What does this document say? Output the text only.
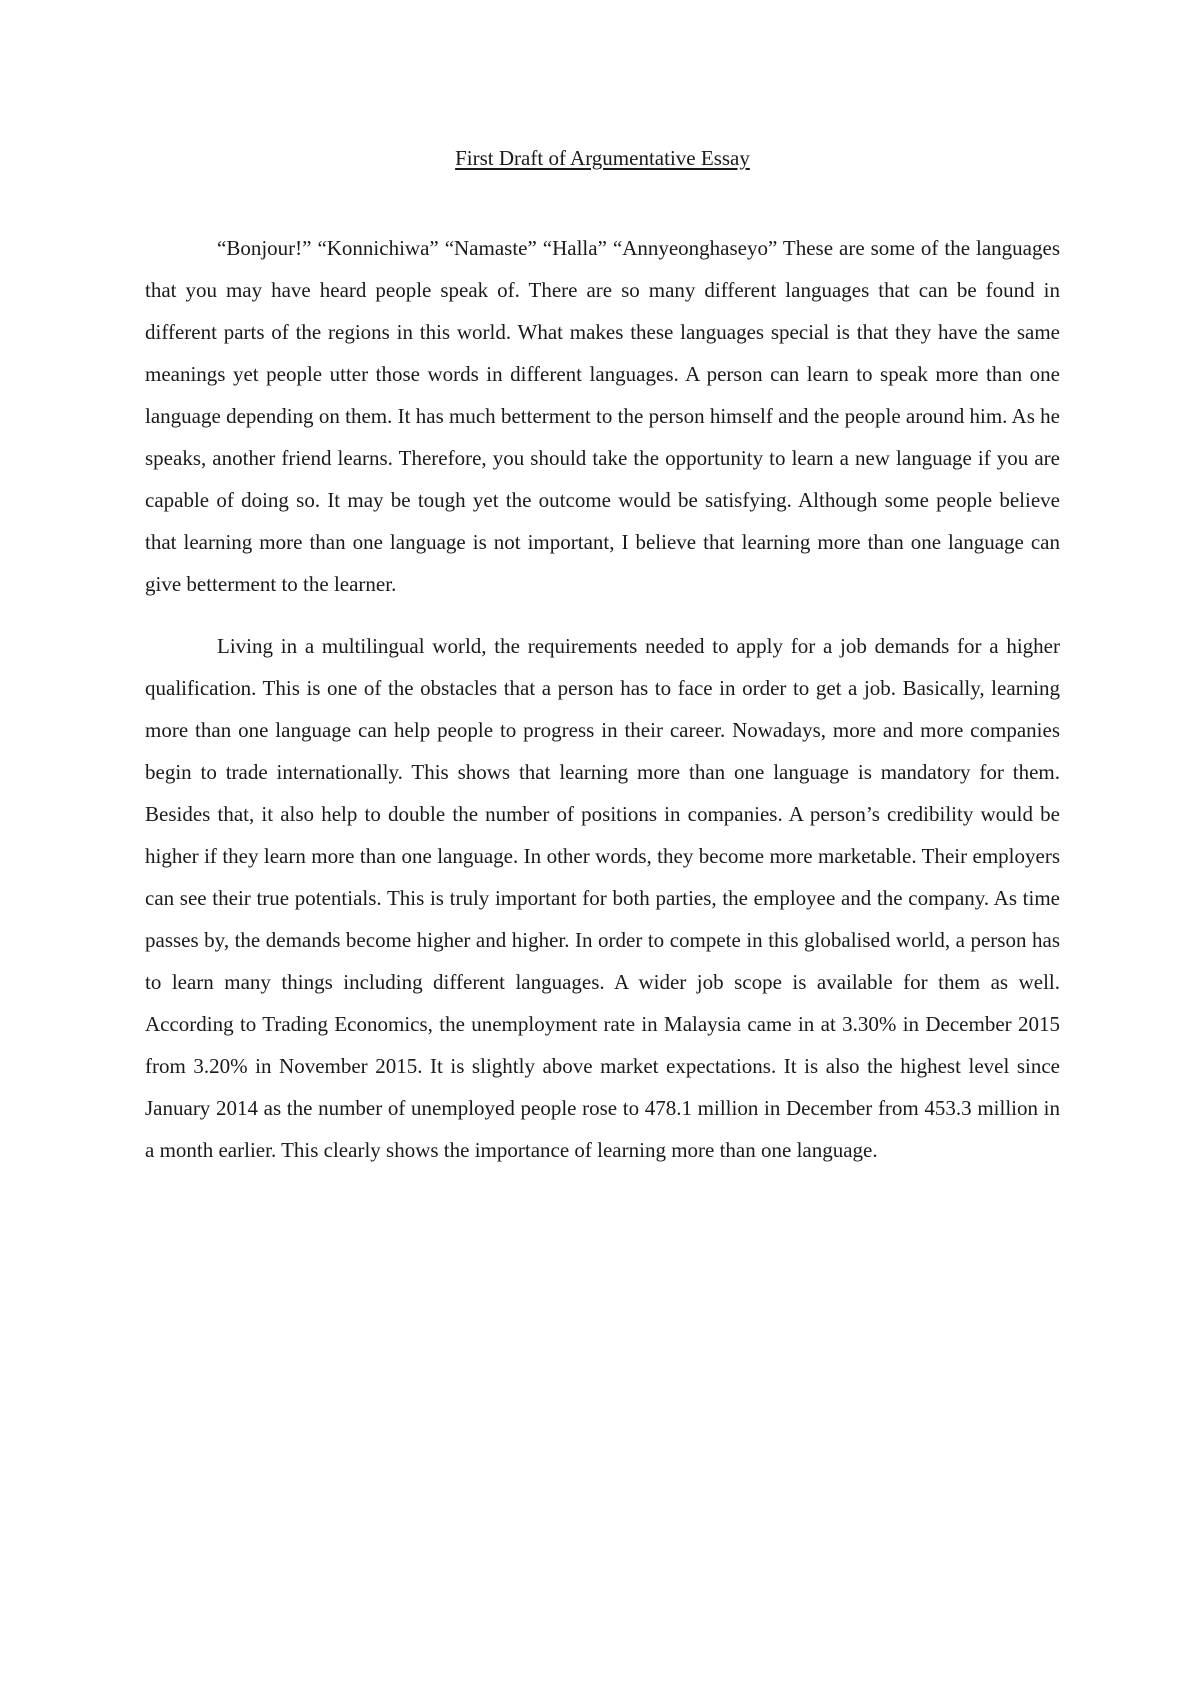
First Draft of Argumentative Essay

“Bonjour!” “Konnichiwa” “Namaste” “Halla” “Annyeonghaseyo” These are some of the languages that you may have heard people speak of. There are so many different languages that can be found in different parts of the regions in this world. What makes these languages special is that they have the same meanings yet people utter those words in different languages. A person can learn to speak more than one language depending on them. It has much betterment to the person himself and the people around him. As he speaks, another friend learns. Therefore, you should take the opportunity to learn a new language if you are capable of doing so. It may be tough yet the outcome would be satisfying. Although some people believe that learning more than one language is not important, I believe that learning more than one language can give betterment to the learner.

Living in a multilingual world, the requirements needed to apply for a job demands for a higher qualification. This is one of the obstacles that a person has to face in order to get a job. Basically, learning more than one language can help people to progress in their career. Nowadays, more and more companies begin to trade internationally. This shows that learning more than one language is mandatory for them. Besides that, it also help to double the number of positions in companies. A person’s credibility would be higher if they learn more than one language. In other words, they become more marketable. Their employers can see their true potentials. This is truly important for both parties, the employee and the company. As time passes by, the demands become higher and higher. In order to compete in this globalised world, a person has to learn many things including different languages. A wider job scope is available for them as well. According to Trading Economics, the unemployment rate in Malaysia came in at 3.30% in December 2015 from 3.20% in November 2015. It is slightly above market expectations. It is also the highest level since January 2014 as the number of unemployed people rose to 478.1 million in December from 453.3 million in a month earlier. This clearly shows the importance of learning more than one language.
